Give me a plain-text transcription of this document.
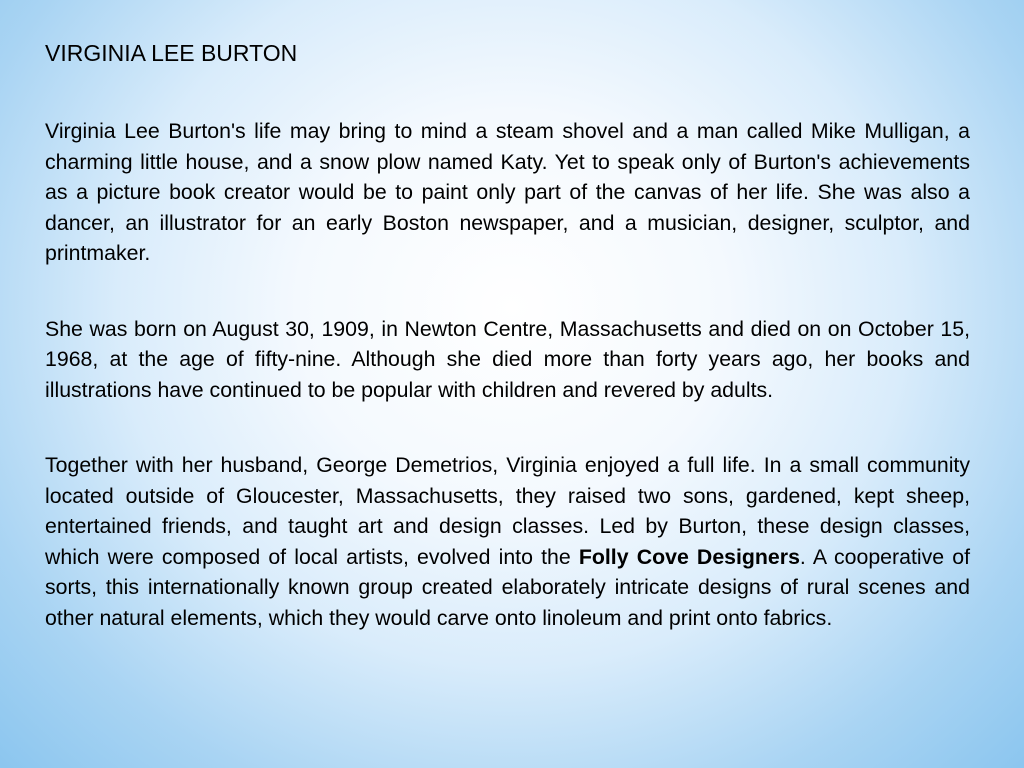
VIRGINIA LEE BURTON

Virginia Lee Burton's life may bring to mind a steam shovel and a man called Mike Mulligan, a charming little house, and a snow plow named Katy. Yet to speak only of Burton's achievements as a picture book creator would be to paint only part of the canvas of her life. She was also a dancer, an illustrator for an early Boston newspaper, and a musician, designer, sculptor, and printmaker.

She was born on August 30, 1909, in Newton Centre, Massachusetts and died on on October 15, 1968, at the age of fifty-nine. Although she died more than forty years ago, her books and illustrations have continued to be popular with children and revered by adults.

Together with her husband, George Demetrios, Virginia enjoyed a full life. In a small community located outside of Gloucester, Massachusetts, they raised two sons, gardened, kept sheep, entertained friends, and taught art and design classes. Led by Burton, these design classes, which were composed of local artists, evolved into the Folly Cove Designers. A cooperative of sorts, this internationally known group created elaborately intricate designs of rural scenes and other natural elements, which they would carve onto linoleum and print onto fabrics.
